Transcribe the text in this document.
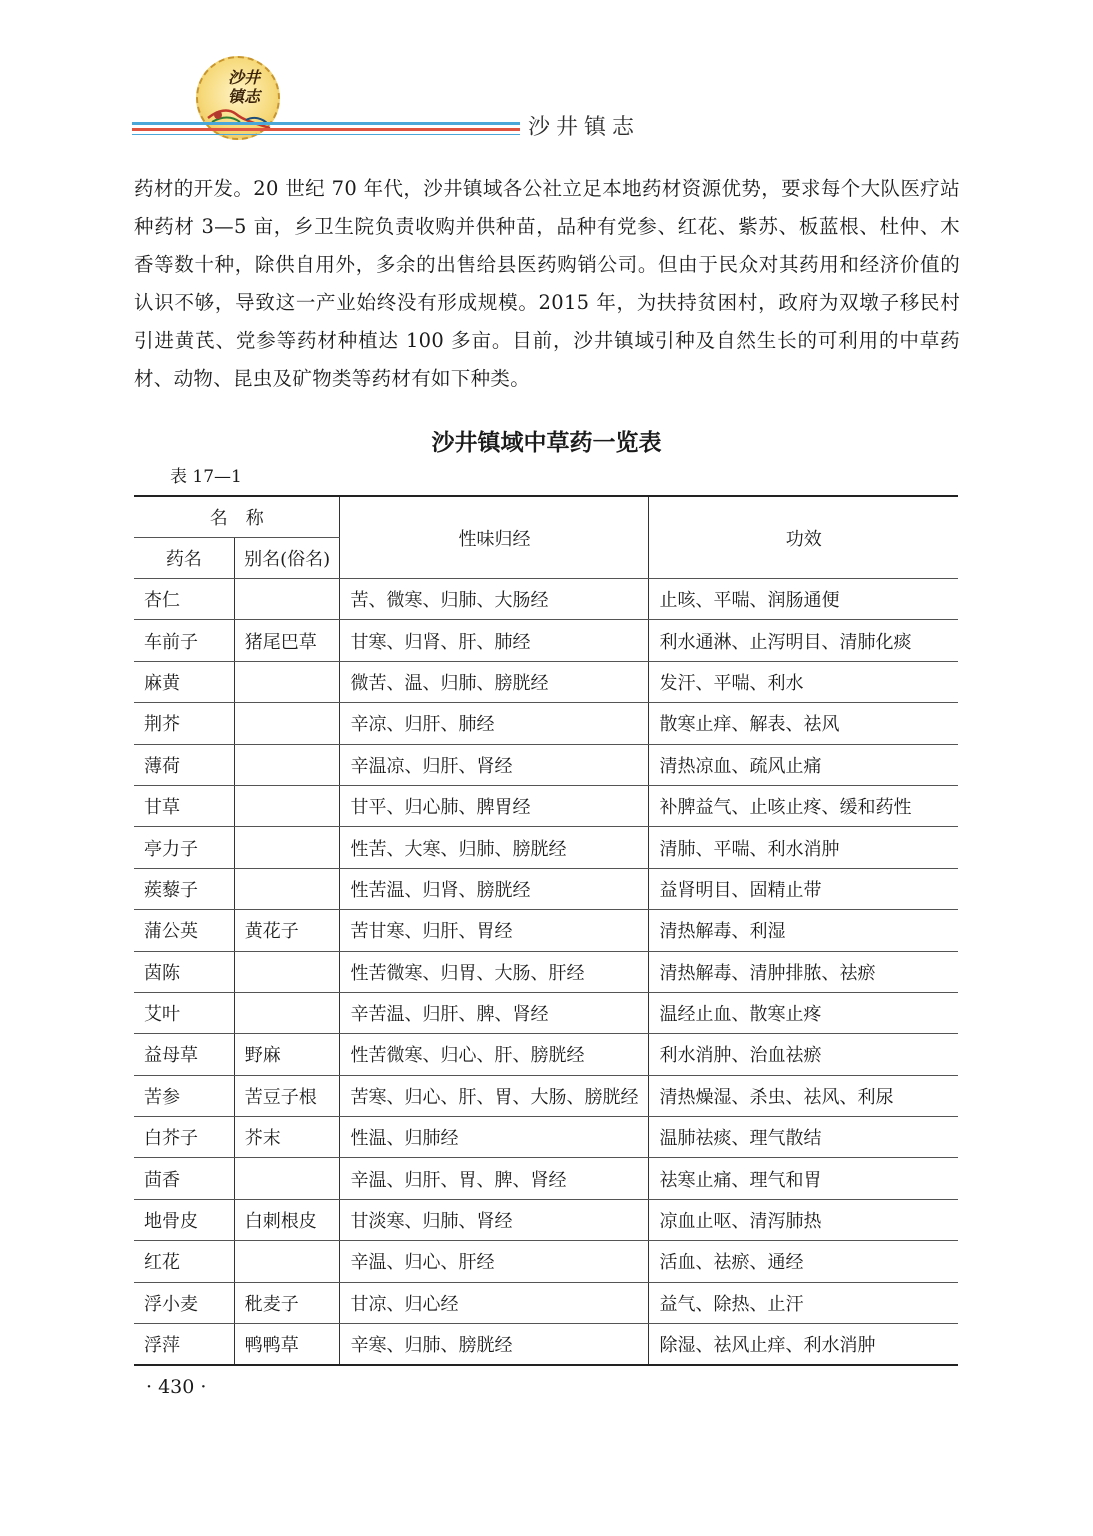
沙井镇志
沙井镇志
药材的开发。20 世纪 70 年代，沙井镇域各公社立足本地药材资源优势，要求每个大队医疗站种药材 3—5 亩，乡卫生院负责收购并供种苗，品种有党参、红花、紫苏、板蓝根、杜仲、木香等数十种，除供自用外，多余的出售给县医药购销公司。但由于民众对其药用和经济价值的认识不够，导致这一产业始终没有形成规模。2015 年，为扶持贫困村，政府为双墩子移民村引进黄芪、党参等药材种植达 100 多亩。目前，沙井镇域引种及自然生长的可利用的中草药材、动物、昆虫及矿物类等药材有如下种类。
沙井镇域中草药一览表
表 17—1
名　称		性味归经	功效
药名	别名(俗名)		
杏仁		苦、微寒、归肺、大肠经	止咳、平喘、润肠通便
车前子	猪尾巴草	甘寒、归肾、肝、肺经	利水通淋、止泻明目、清肺化痰
麻黄		微苦、温、归肺、膀胱经	发汗、平喘、利水
荆芥		辛凉、归肝、肺经	散寒止痒、解表、祛风
薄荷		辛温凉、归肝、肾经	清热凉血、疏风止痛
甘草		甘平、归心肺、脾胃经	补脾益气、止咳止疼、缓和药性
亭力子		性苦、大寒、归肺、膀胱经	清肺、平喘、利水消肿
蒺藜子		性苦温、归肾、膀胱经	益肾明目、固精止带
蒲公英	黄花子	苦甘寒、归肝、胃经	清热解毒、利湿
茵陈		性苦微寒、归胃、大肠、肝经	清热解毒、清肿排脓、祛瘀
艾叶		辛苦温、归肝、脾、肾经	温经止血、散寒止疼
益母草	野麻	性苦微寒、归心、肝、膀胱经	利水消肿、治血祛瘀
苦参	苦豆子根	苦寒、归心、肝、胃、大肠、膀胱经	清热燥湿、杀虫、祛风、利尿
白芥子	芥末	性温、归肺经	温肺祛痰、理气散结
茴香		辛温、归肝、胃、脾、肾经	祛寒止痛、理气和胃
地骨皮	白刺根皮	甘淡寒、归肺、肾经	凉血止呕、清泻肺热
红花		辛温、归心、肝经	活血、祛瘀、通经
浮小麦	秕麦子	甘凉、归心经	益气、除热、止汗
浮萍	鸭鸭草	辛寒、归肺、膀胱经	除湿、祛风止痒、利水消肿
· 430 ·
